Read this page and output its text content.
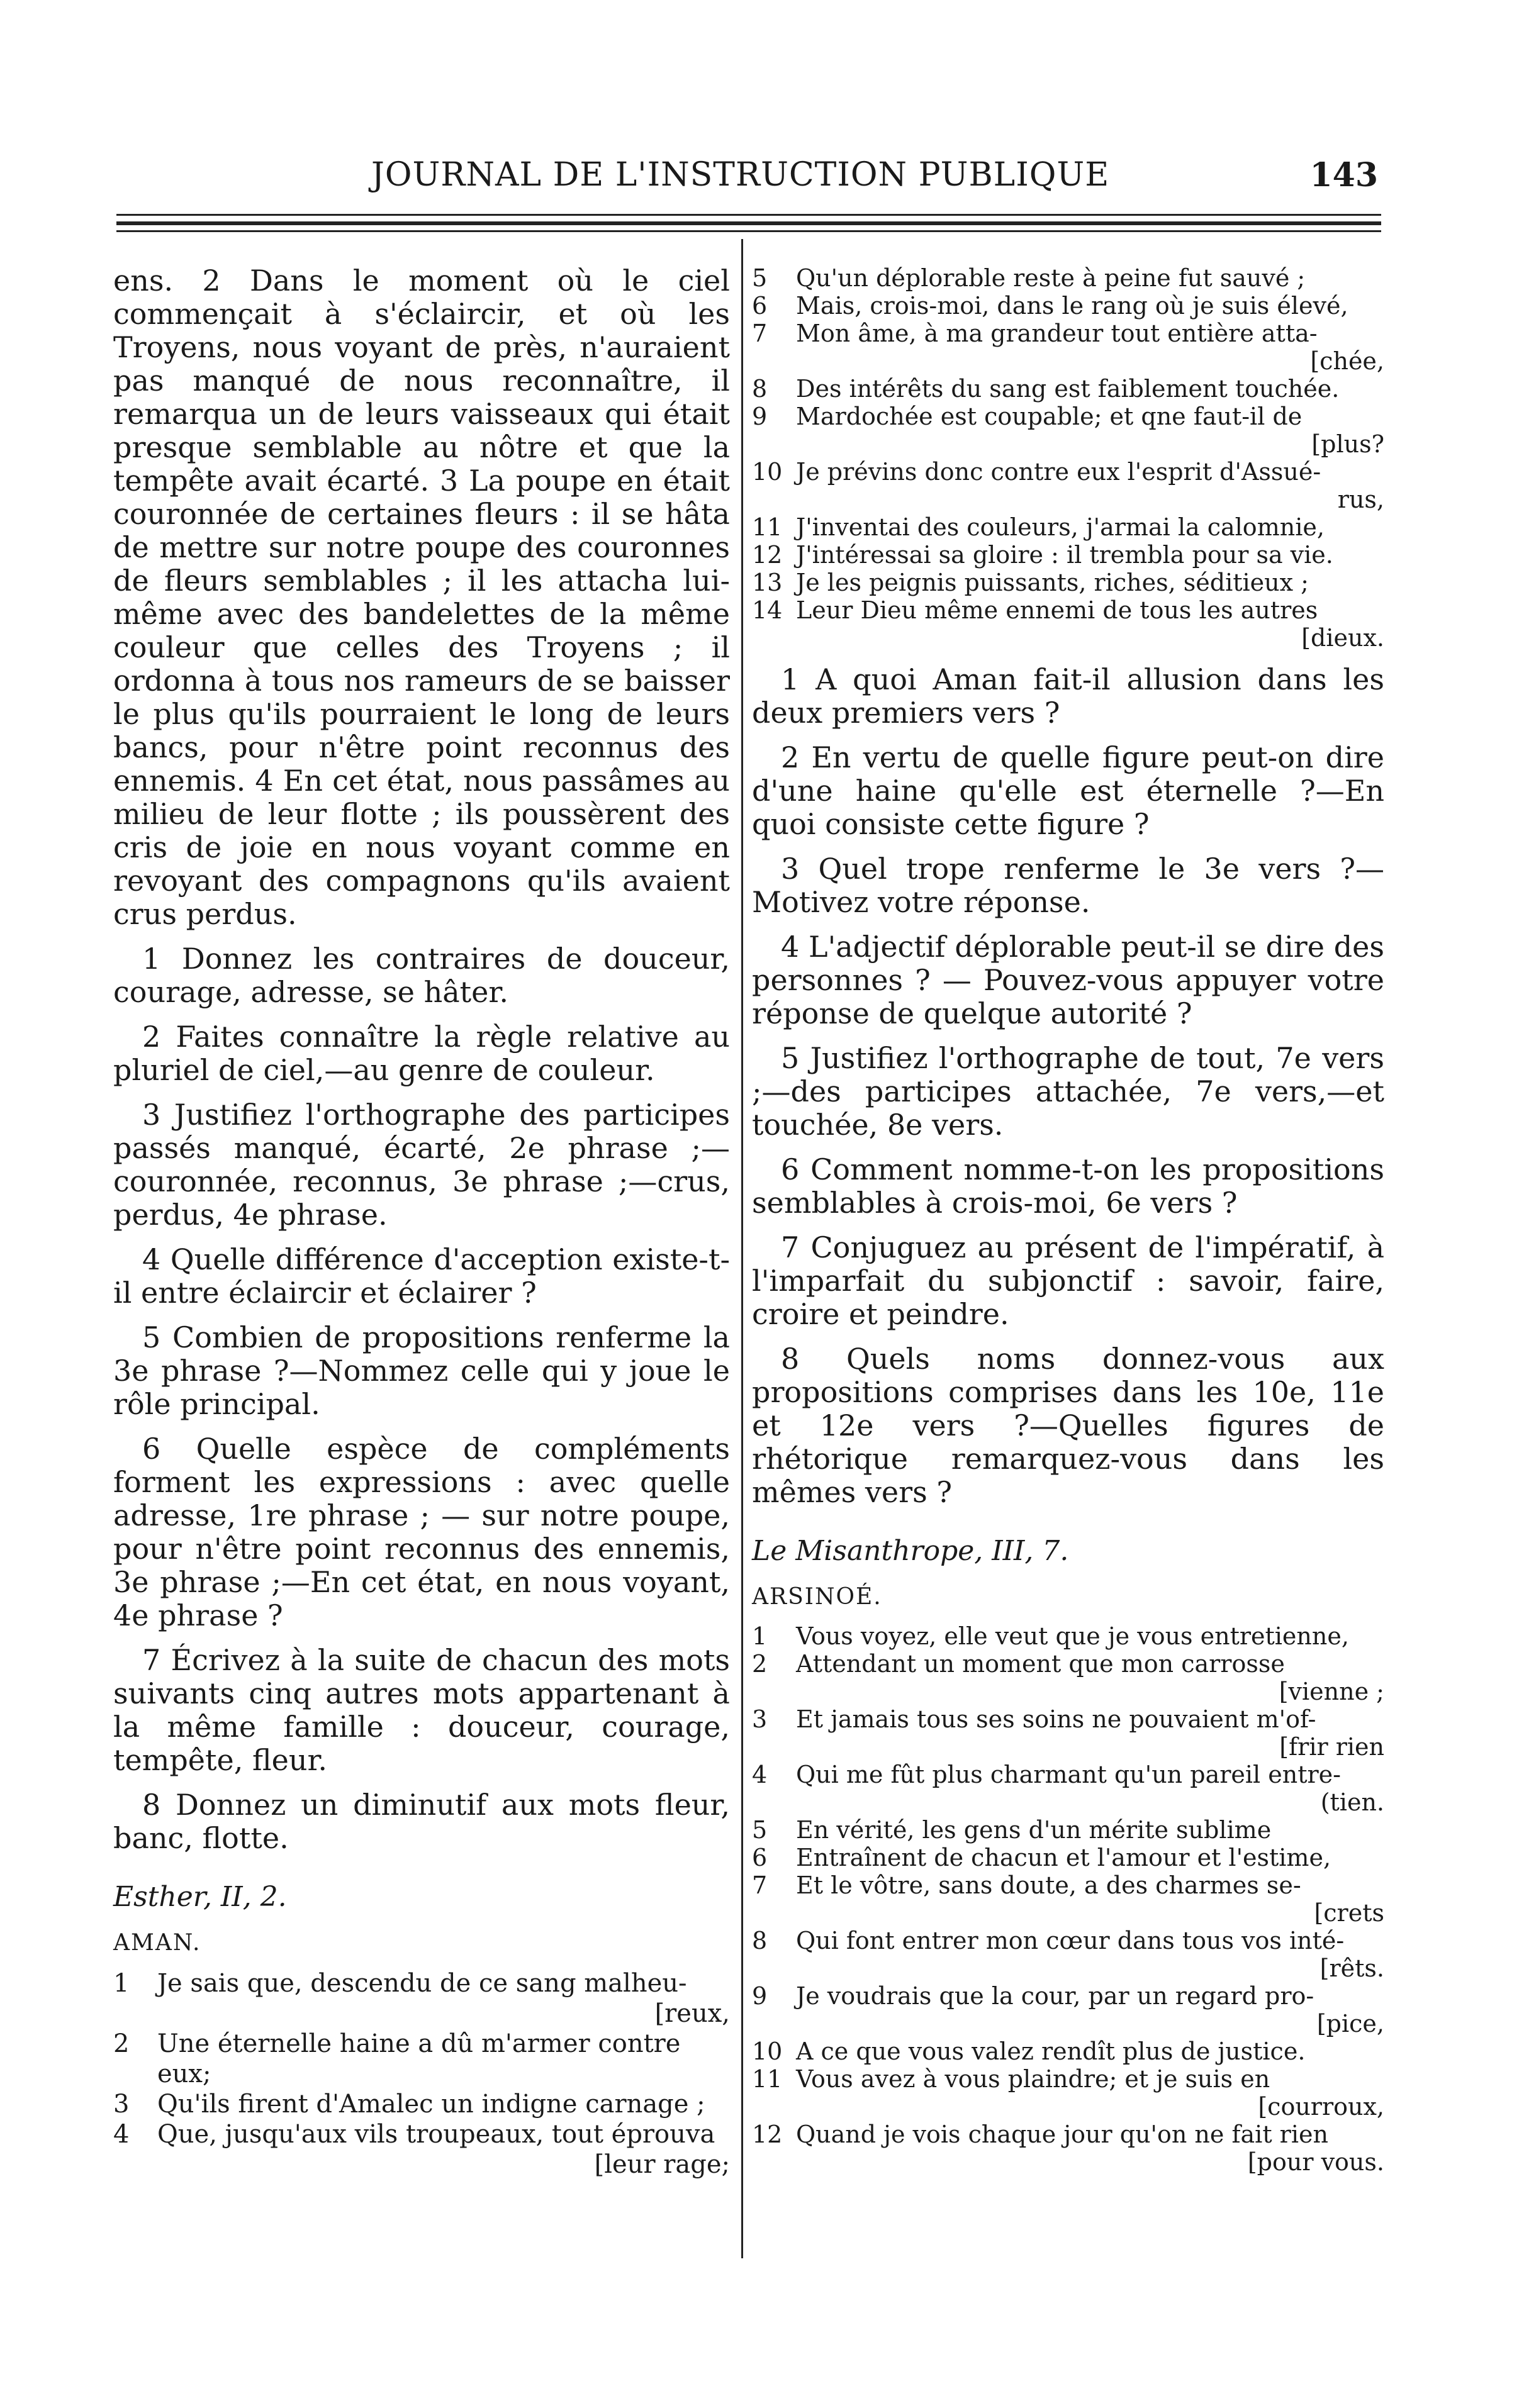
JOURNAL DE L'INSTRUCTION PUBLIQUE	143

ens. 2 Dans le moment où le ciel commençait à s'éclaircir, et où les Troyens, nous voyant de près, n'auraient pas manqué de nous reconnaître, il remarqua un de leurs vaisseaux qui était presque semblable au nôtre et que la tempête avait écarté. 3 La poupe en était couronnée de certaines fleurs : il se hâta de mettre sur notre poupe des couronnes de fleurs semblables ; il les attacha lui-même avec des bandelettes de la même couleur que celles des Troyens ; il ordonna à tous nos rameurs de se baisser le plus qu'ils pourraient le long de leurs bancs, pour n'être point reconnus des ennemis. 4 En cet état, nous passâmes au milieu de leur flotte ; ils poussèrent des cris de joie en nous voyant comme en revoyant des compagnons qu'ils avaient crus perdus.

1 Donnez les contraires de douceur, courage, adresse, se hâter.

2 Faites connaître la règle relative au pluriel de ciel,—au genre de couleur.

3 Justifiez l'orthographe des participes passés manqué, écarté, 2e phrase ;—couronnée, reconnus, 3e phrase ;—crus, perdus, 4e phrase.

4 Quelle différence d'acception existe-t-il entre éclaircir et éclairer ?

5 Combien de propositions renferme la 3e phrase ?—Nommez celle qui y joue le rôle principal.

6 Quelle espèce de compléments forment les expressions : avec quelle adresse, 1re phrase ; — sur notre poupe, pour n'être point reconnus des ennemis, 3e phrase ;—En cet état, en nous voyant, 4e phrase ?

7 Écrivez à la suite de chacun des mots suivants cinq autres mots appartenant à la même famille : douceur, courage, tempête, fleur.

8 Donnez un diminutif aux mots fleur, banc, flotte.

Esther, II, 2.

AMAN.

1	Je sais que, descendu de ce sang malheu-
[reux,
2	Une éternelle haine a dû m'armer contre eux;
3	Qu'ils firent d'Amalec un indigne carnage ;
4	Que, jusqu'aux vils troupeaux, tout éprouva
[leur rage;
5	Qu'un déplorable reste à peine fut sauvé ;
6	Mais, crois-moi, dans le rang où je suis élevé,
7	Mon âme, à ma grandeur tout entière atta-
[chée,
8	Des intérêts du sang est faiblement touchée.
9	Mardochée est coupable; et qne faut-il de
[plus?
10 Je prévins donc contre eux l'esprit d'Assué-
rus,
11 J'inventai des couleurs, j'armai la calomnie,
12 J'intéressai sa gloire : il trembla pour sa vie.
13 Je les peignis puissants, riches, séditieux ;
14 Leur Dieu même ennemi de tous les autres
[dieux.

1 A quoi Aman fait-il allusion dans les deux premiers vers ?

2 En vertu de quelle figure peut-on dire d'une haine qu'elle est éternelle ?—En quoi consiste cette figure ?

3 Quel trope renferme le 3e vers ?—Motivez votre réponse.

4 L'adjectif déplorable peut-il se dire des personnes ? — Pouvez-vous appuyer votre réponse de quelque autorité ?

5 Justifiez l'orthographe de tout, 7e vers ;—des participes attachée, 7e vers,—et touchée, 8e vers.

6 Comment nomme-t-on les propositions semblables à crois-moi, 6e vers ?

7 Conjuguez au présent de l'impératif, à l'imparfait du subjonctif : savoir, faire, croire et peindre.

8 Quels noms donnez-vous aux propositions comprises dans les 10e, 11e et 12e vers ?—Quelles figures de rhétorique remarquez-vous dans les mêmes vers ?

Le Misanthrope, III, 7.

ARSINOÉ.

1	Vous voyez, elle veut que je vous entretienne,
2	Attendant un moment que mon carrosse
[vienne ;
3	Et jamais tous ses soins ne pouvaient m'of-
[frir rien
4	Qui me fût plus charmant qu'un pareil entre-
(tien.
5	En vérité, les gens d'un mérite sublime
6	Entraînent de chacun et l'amour et l'estime,
7	Et le vôtre, sans doute, a des charmes se-
[crets
8	Qui font entrer mon cœur dans tous vos inté-
[rêts.
9	Je voudrais que la cour, par un regard pro-
[pice,
10 A ce que vous valez rendît plus de justice.
11 Vous avez à vous plaindre; et je suis en
[courroux,
12 Quand je vois chaque jour qu'on ne fait rien
[pour vous.
